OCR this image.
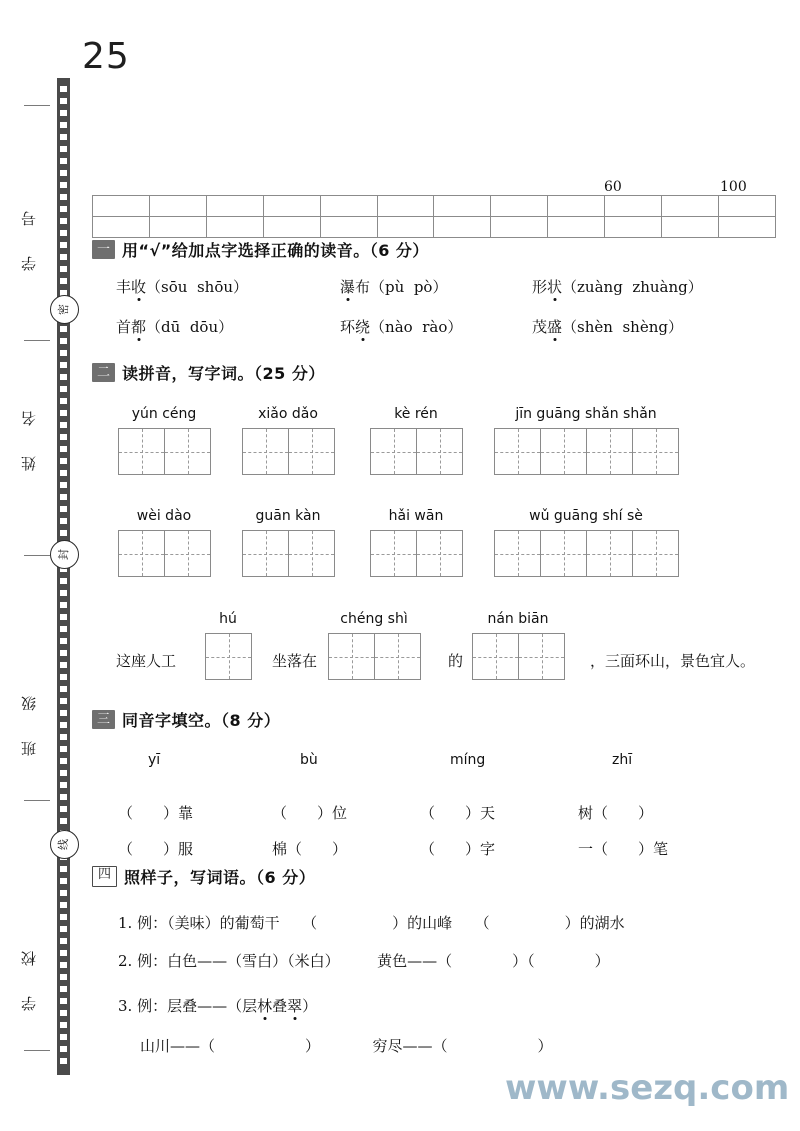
25
密
封
线
学 号
姓 名
班 级
学 校
60	100

一 用“√”给加点字选择正确的读音。（6 分）
丰收（sōu  shōu）	瀑布（pù  pò）	形状（zuàng  zhuàng）
首都（dū  dōu）	环绕（nào  rào）	茂盛（shèn  shèng）
二 读拼音，写字词。（25 分）
yún céng	xiǎo dǎo	kè rén	jīn guāng shǎn shǎn
wèi dào	guān kàn	hǎi wān	wǔ guāng shí sè
这座人工
hú
坐落在
chéng shì
的
nán biān
，三面环山，景色宜人。
三 同音字填空。（8 分）
yī	bù	míng	zhī
（　　）靠	（　　）位	（　　）天	树（　　）
（　　）服	棉（　　）	（　　）字	一（　　）笔
四 照样子，写词语。（6 分）
1. 例：（美味）的葡萄干　　（　　　　　）的山峰　　（　　　　　）的湖水
2. 例：白色——（雪白）（米白）　　　黄色——（　　　　）（　　　　）
3. 例：层叠——（层林叠翠）
山川——（　　　　　　）　　　　穷尽——（　　　　　　）
www.sezq.com
